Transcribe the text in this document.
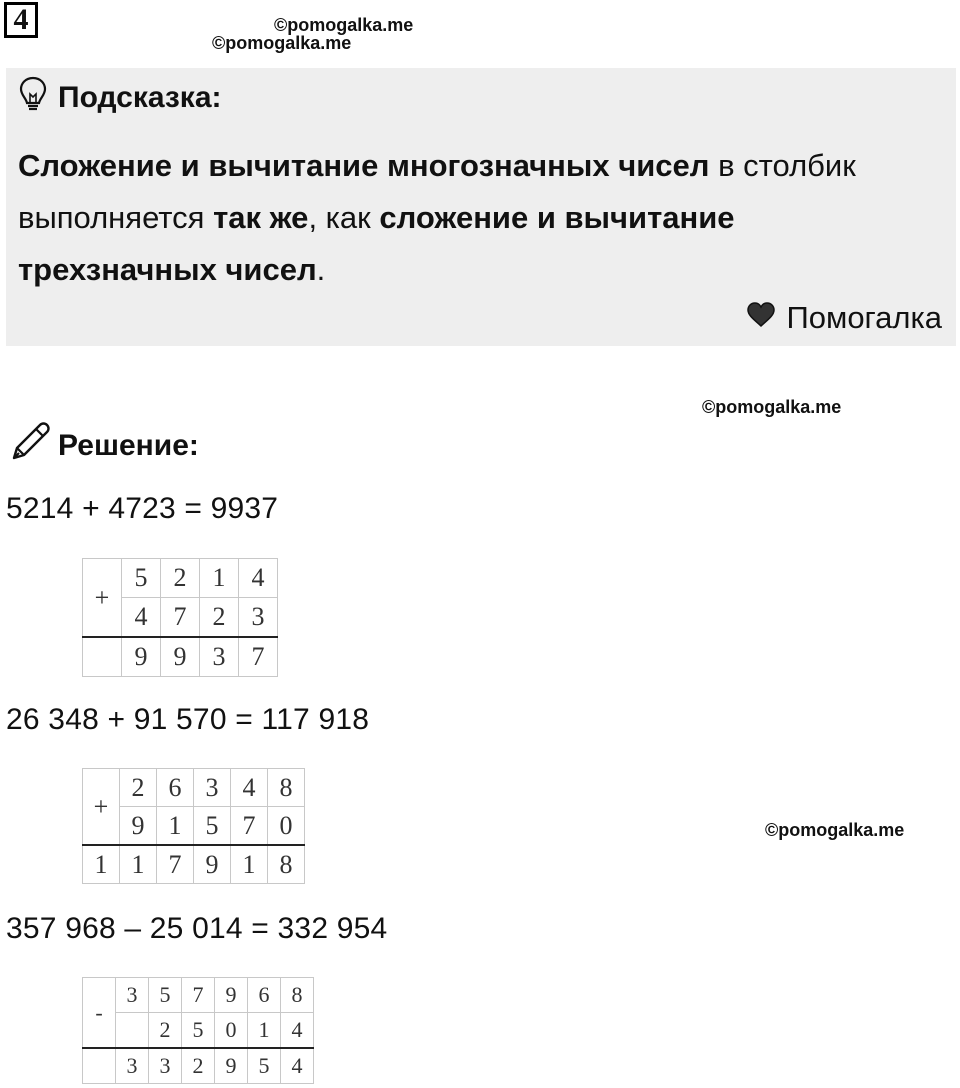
4	©pomogalka.me
©pomogalka.me
Подсказка:
Сложение и вычитание многозначных чисел в столбик выполняется так же, как сложение и вычитание трехзначных чисел.
Помогалка
©pomogalka.me
Решение:
5214 + 4723 = 9937
+	5	2	1	4
	4	7	2	3
	9	9	3	7
26 348 + 91 570 = 117 918
+	2	6	3	4	8
	9	1	5	7	0
1	1	7	9	1	8
©pomogalka.me
357 968 – 25 014 = 332 954
-	3	5	7	9	6	8
		2	5	0	1	4
	3	3	2	9	5	4
